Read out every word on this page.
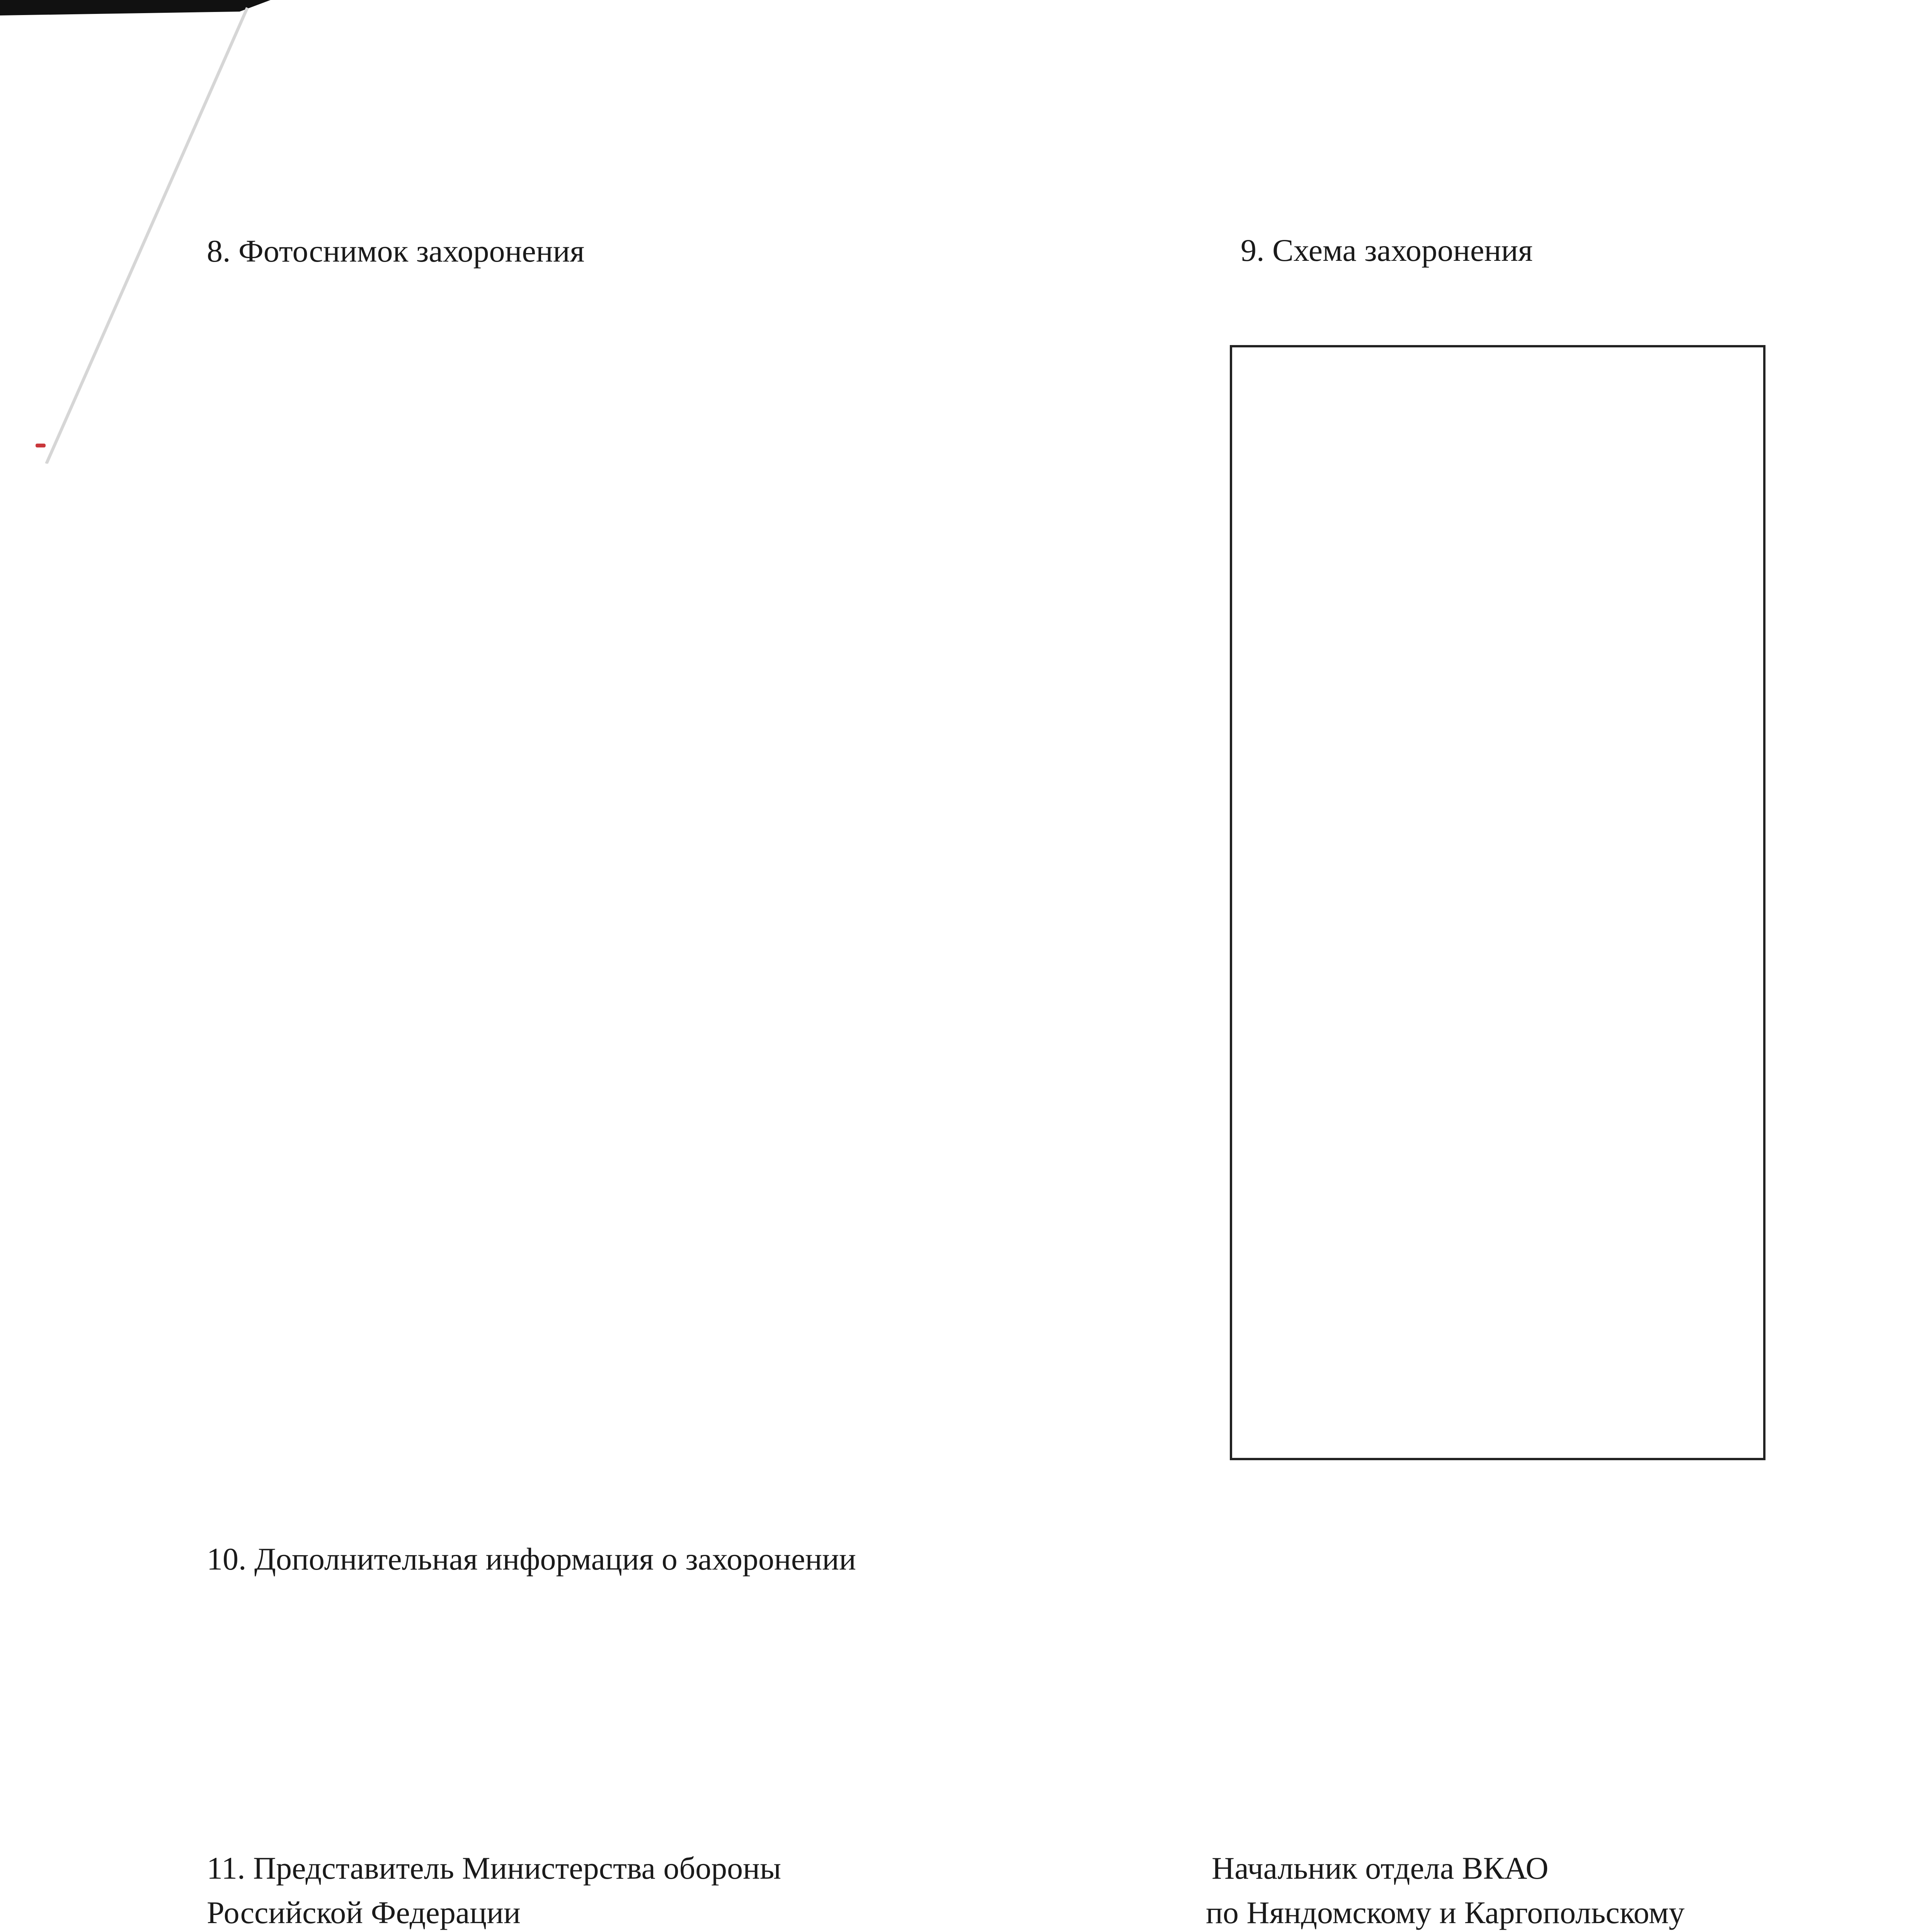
8. Фотоснимок захоронения	9. Схема захоронения

10. Дополнительная информация о захоронении

11. Представитель Министерства обороны

Российской Федерации

Начальник отдела ВКАО

по Няндомскому и Каргопольскому
